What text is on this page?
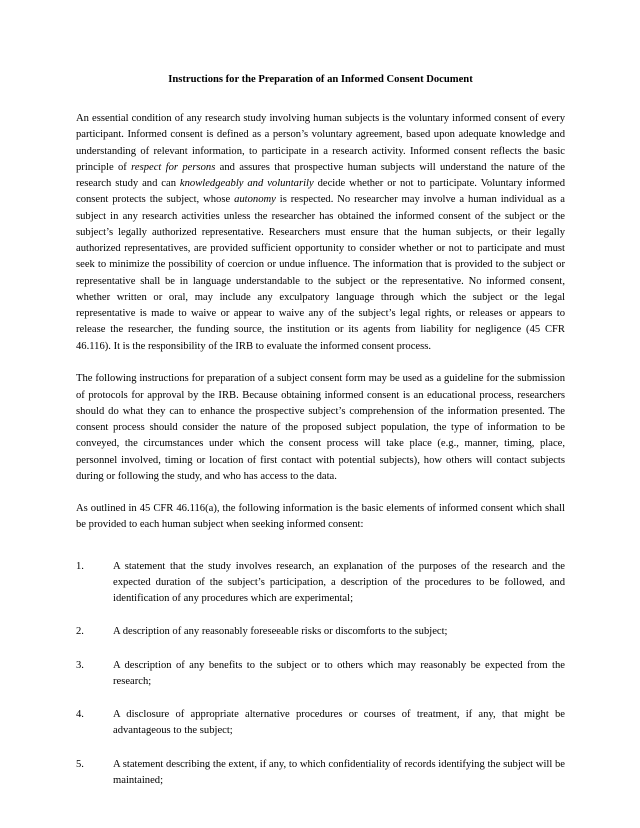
Instructions for the Preparation of an Informed Consent Document

An essential condition of any research study involving human subjects is the voluntary informed consent of every participant. Informed consent is defined as a person’s voluntary agreement, based upon adequate knowledge and understanding of relevant information, to participate in a research activity. Informed consent reflects the basic principle of respect for persons and assures that prospective human subjects will understand the nature of the research study and can knowledgeably and voluntarily decide whether or not to participate. Voluntary informed consent protects the subject, whose autonomy is respected. No researcher may involve a human individual as a subject in any research activities unless the researcher has obtained the informed consent of the subject or the subject’s legally authorized representative. Researchers must ensure that the human subjects, or their legally authorized representatives, are provided sufficient opportunity to consider whether or not to participate and must seek to minimize the possibility of coercion or undue influence. The information that is provided to the subject or representative shall be in language understandable to the subject or the representative. No informed consent, whether written or oral, may include any exculpatory language through which the subject or the legal representative is made to waive or appear to waive any of the subject’s legal rights, or releases or appears to release the researcher, the funding source, the institution or its agents from liability for negligence (45 CFR 46.116). It is the responsibility of the IRB to evaluate the informed consent process.

The following instructions for preparation of a subject consent form may be used as a guideline for the submission of protocols for approval by the IRB. Because obtaining informed consent is an educational process, researchers should do what they can to enhance the prospective subject’s comprehension of the information presented. The consent process should consider the nature of the proposed subject population, the type of information to be conveyed, the circumstances under which the consent process will take place (e.g., manner, timing, place, personnel involved, timing or location of first contact with potential subjects), how others will contact subjects during or following the study, and who has access to the data.

As outlined in 45 CFR 46.116(a), the following information is the basic elements of informed consent which shall be provided to each human subject when seeking informed consent:

1.	A statement that the study involves research, an explanation of the purposes of the research and the expected duration of the subject’s participation, a description of the procedures to be followed, and identification of any procedures which are experimental;
2.	A description of any reasonably foreseeable risks or discomforts to the subject;
3.	A description of any benefits to the subject or to others which may reasonably be expected from the research;
4.	A disclosure of appropriate alternative procedures or courses of treatment, if any, that might be advantageous to the subject;
5.	A statement describing the extent, if any, to which confidentiality of records identifying the subject will be maintained;
